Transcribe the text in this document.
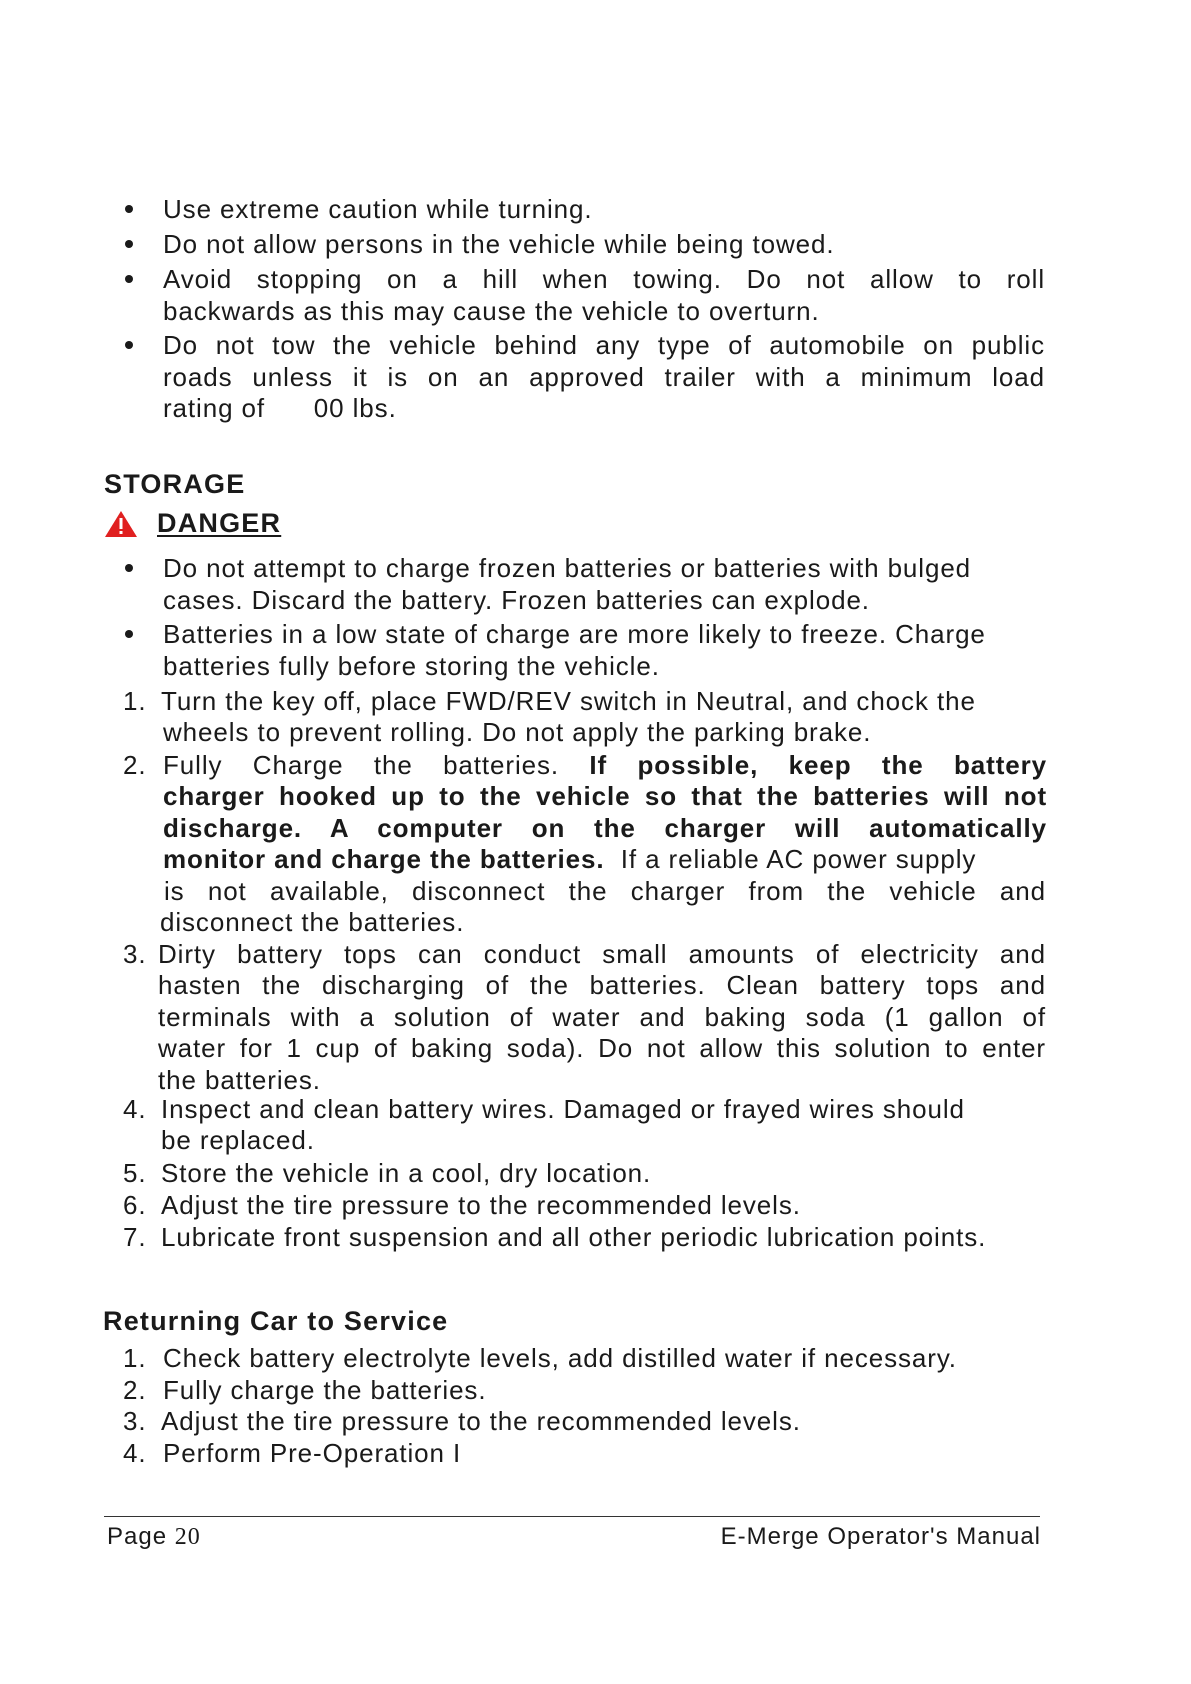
Use extreme caution while turning.
Do not allow persons in the vehicle while being towed.
Avoid stopping on a hill when towing. Do not allow to roll
backwards as this may cause the vehicle to overturn.
Do not tow the vehicle behind any type of automobile on public
roads unless it is on an approved trailer with a minimum load
rating of      00 lbs.
STORAGE
DANGER
Do not attempt to charge frozen batteries or batteries with bulged
cases. Discard the battery. Frozen batteries can explode.
Batteries in a low state of charge are more likely to freeze. Charge
batteries fully before storing the vehicle.
1. Turn the key off, place FWD/REV switch in Neutral, and chock the
wheels to prevent rolling. Do not apply the parking brake.
2. Fully Charge the batteries. If possible, keep the battery
charger hooked up to the vehicle so that the batteries will not
discharge. A computer on the charger will automatically
monitor and charge the batteries. If a reliable AC power supply
is not available, disconnect the charger from the vehicle and
disconnect the batteries.
3. Dirty battery tops can conduct small amounts of electricity and
hasten the discharging of the batteries. Clean battery tops and
terminals with a solution of water and baking soda (1 gallon of
water for 1 cup of baking soda). Do not allow this solution to enter
the batteries.
4. Inspect and clean battery wires. Damaged or frayed wires should
be replaced.
5. Store the vehicle in a cool, dry location.
6. Adjust the tire pressure to the recommended levels.
7. Lubricate front suspension and all other periodic lubrication points.
Returning Car to Service
1. Check battery electrolyte levels, add distilled water if necessary.
2. Fully charge the batteries.
3. Adjust the tire pressure to the recommended levels.
4. Perform Pre-Operation I
Page 20	E-Merge Operator's Manual
